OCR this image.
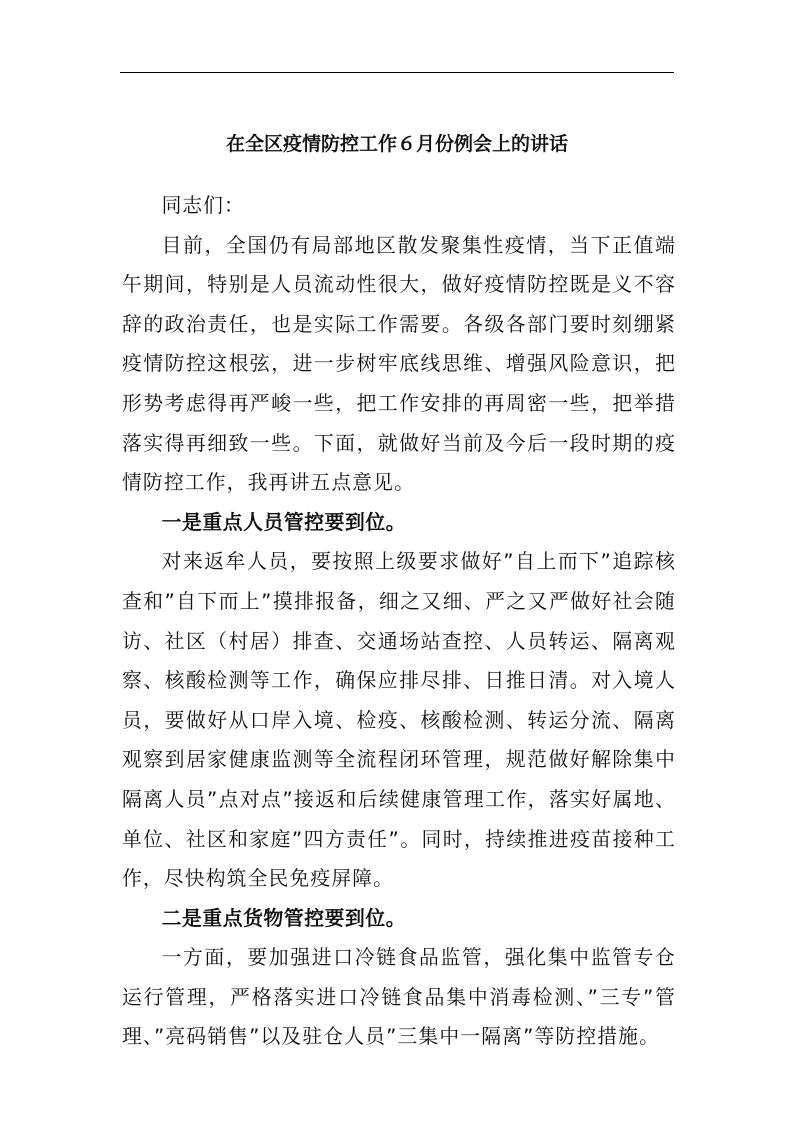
在全区疫情防控工作６月份例会上的讲话

同志们：

目前，全国仍有局部地区散发聚集性疫情，当下正值端午期间，特别是人员流动性很大，做好疫情防控既是义不容辞的政治责任，也是实际工作需要。各级各部门要时刻绷紧疫情防控这根弦，进一步树牢底线思维、增强风险意识，把形势考虑得再严峻一些，把工作安排的再周密一些，把举措落实得再细致一些。下面，就做好当前及今后一段时期的疫情防控工作，我再讲五点意见。

一是重点人员管控要到位。

对来返牟人员，要按照上级要求做好”自上而下”追踪核查和”自下而上”摸排报备，细之又细、严之又严做好社会随访、社区（村居）排查、交通场站查控、人员转运、隔离观察、核酸检测等工作，确保应排尽排、日推日清。对入境人员，要做好从口岸入境、检疫、核酸检测、转运分流、隔离观察到居家健康监测等全流程闭环管理，规范做好解除集中隔离人员”点对点”接返和后续健康管理工作，落实好属地、单位、社区和家庭”四方责任”。同时，持续推进疫苗接种工作，尽快构筑全民免疫屏障。

二是重点货物管控要到位。

一方面，要加强进口冷链食品监管，强化集中监管专仓运行管理，严格落实进口冷链食品集中消毒检测、”三专”管理、”亮码销售”以及驻仓人员”三集中一隔离”等防控措施。
